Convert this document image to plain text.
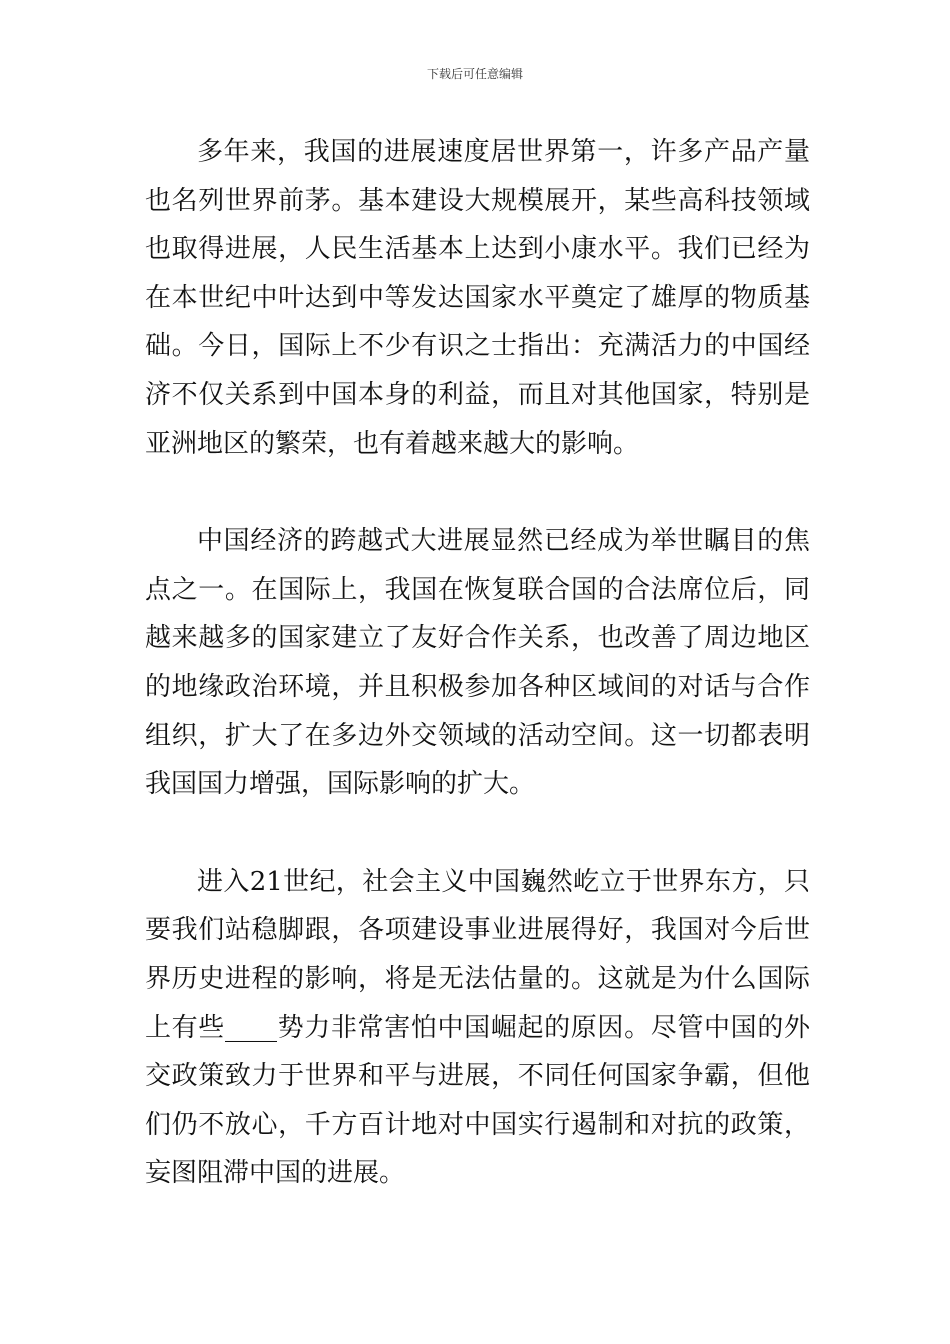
下载后可任意编辑

多年来，我国的进展速度居世界第一，许多产品产量也名列世界前茅。基本建设大规模展开，某些高科技领域也取得进展，人民生活基本上达到小康水平。我们已经为在本世纪中叶达到中等发达国家水平奠定了雄厚的物质基础。今日，国际上不少有识之士指出：充满活力的中国经济不仅关系到中国本身的利益，而且对其他国家，特别是亚洲地区的繁荣，也有着越来越大的影响。

中国经济的跨越式大进展显然已经成为举世瞩目的焦点之一。在国际上，我国在恢复联合国的合法席位后，同越来越多的国家建立了友好合作关系，也改善了周边地区的地缘政治环境，并且积极参加各种区域间的对话与合作组织，扩大了在多边外交领域的活动空间。这一切都表明我国国力增强，国际影响的扩大。

进入21世纪，社会主义中国巍然屹立于世界东方，只要我们站稳脚跟，各项建设事业进展得好，我国对今后世界历史进程的影响，将是无法估量的。这就是为什么国际上有些____势力非常害怕中国崛起的原因。尽管中国的外交政策致力于世界和平与进展，不同任何国家争霸，但他们仍不放心，千方百计地对中国实行遏制和对抗的政策，妄图阻滞中国的进展。
